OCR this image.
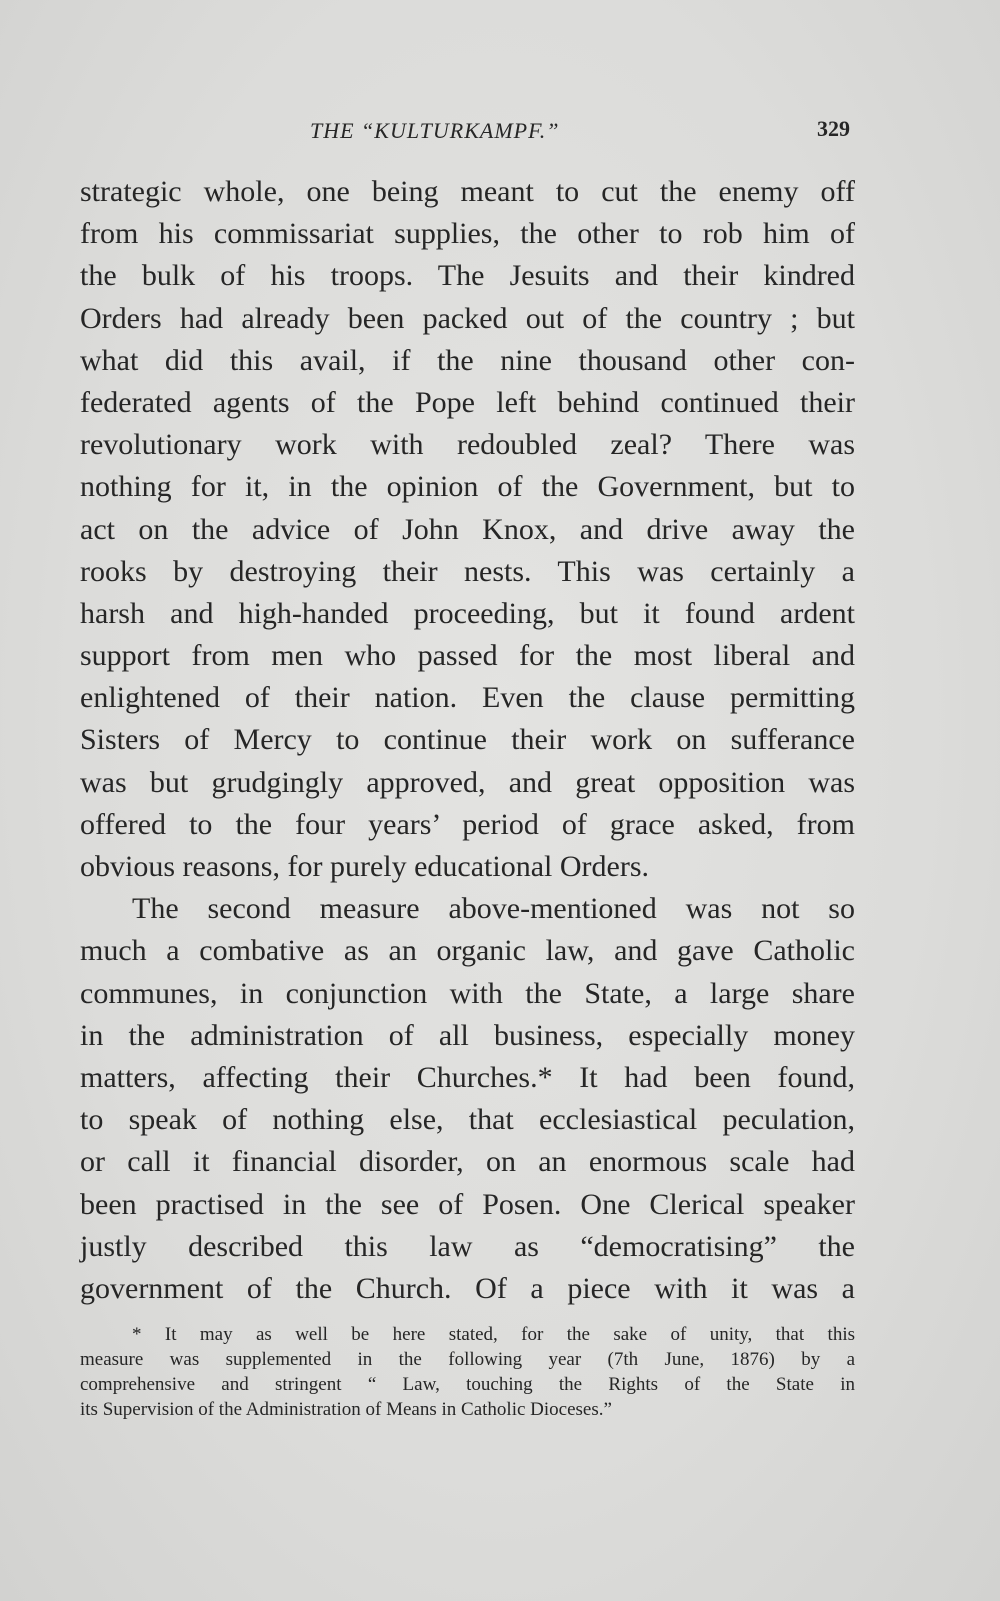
THE “KULTURKAMPF.”	329
strategic whole, one being meant to cut the enemy off
from his commissariat supplies, the other to rob him of
the bulk of his troops. The Jesuits and their kindred
Orders had already been packed out of the country ; but
what did this avail, if the nine thousand other con-
federated agents of the Pope left behind continued their
revolutionary work with redoubled zeal? There was
nothing for it, in the opinion of the Government, but to
act on the advice of John Knox, and drive away the
rooks by destroying their nests. This was certainly a
harsh and high-handed proceeding, but it found ardent
support from men who passed for the most liberal and
enlightened of their nation. Even the clause permitting
Sisters of Mercy to continue their work on sufferance
was but grudgingly approved, and great opposition was
offered to the four years’ period of grace asked, from
obvious reasons, for purely educational Orders.
The second measure above-mentioned was not so
much a combative as an organic law, and gave Catholic
communes, in conjunction with the State, a large share
in the administration of all business, especially money
matters, affecting their Churches.* It had been found,
to speak of nothing else, that ecclesiastical peculation,
or call it financial disorder, on an enormous scale had
been practised in the see of Posen. One Clerical speaker
justly described this law as “democratising” the
government of the Church. Of a piece with it was a
* It may as well be here stated, for the sake of unity, that this
measure was supplemented in the following year (7th June, 1876) by a
comprehensive and stringent “ Law, touching the Rights of the State in
its Supervision of the Administration of Means in Catholic Dioceses.”
